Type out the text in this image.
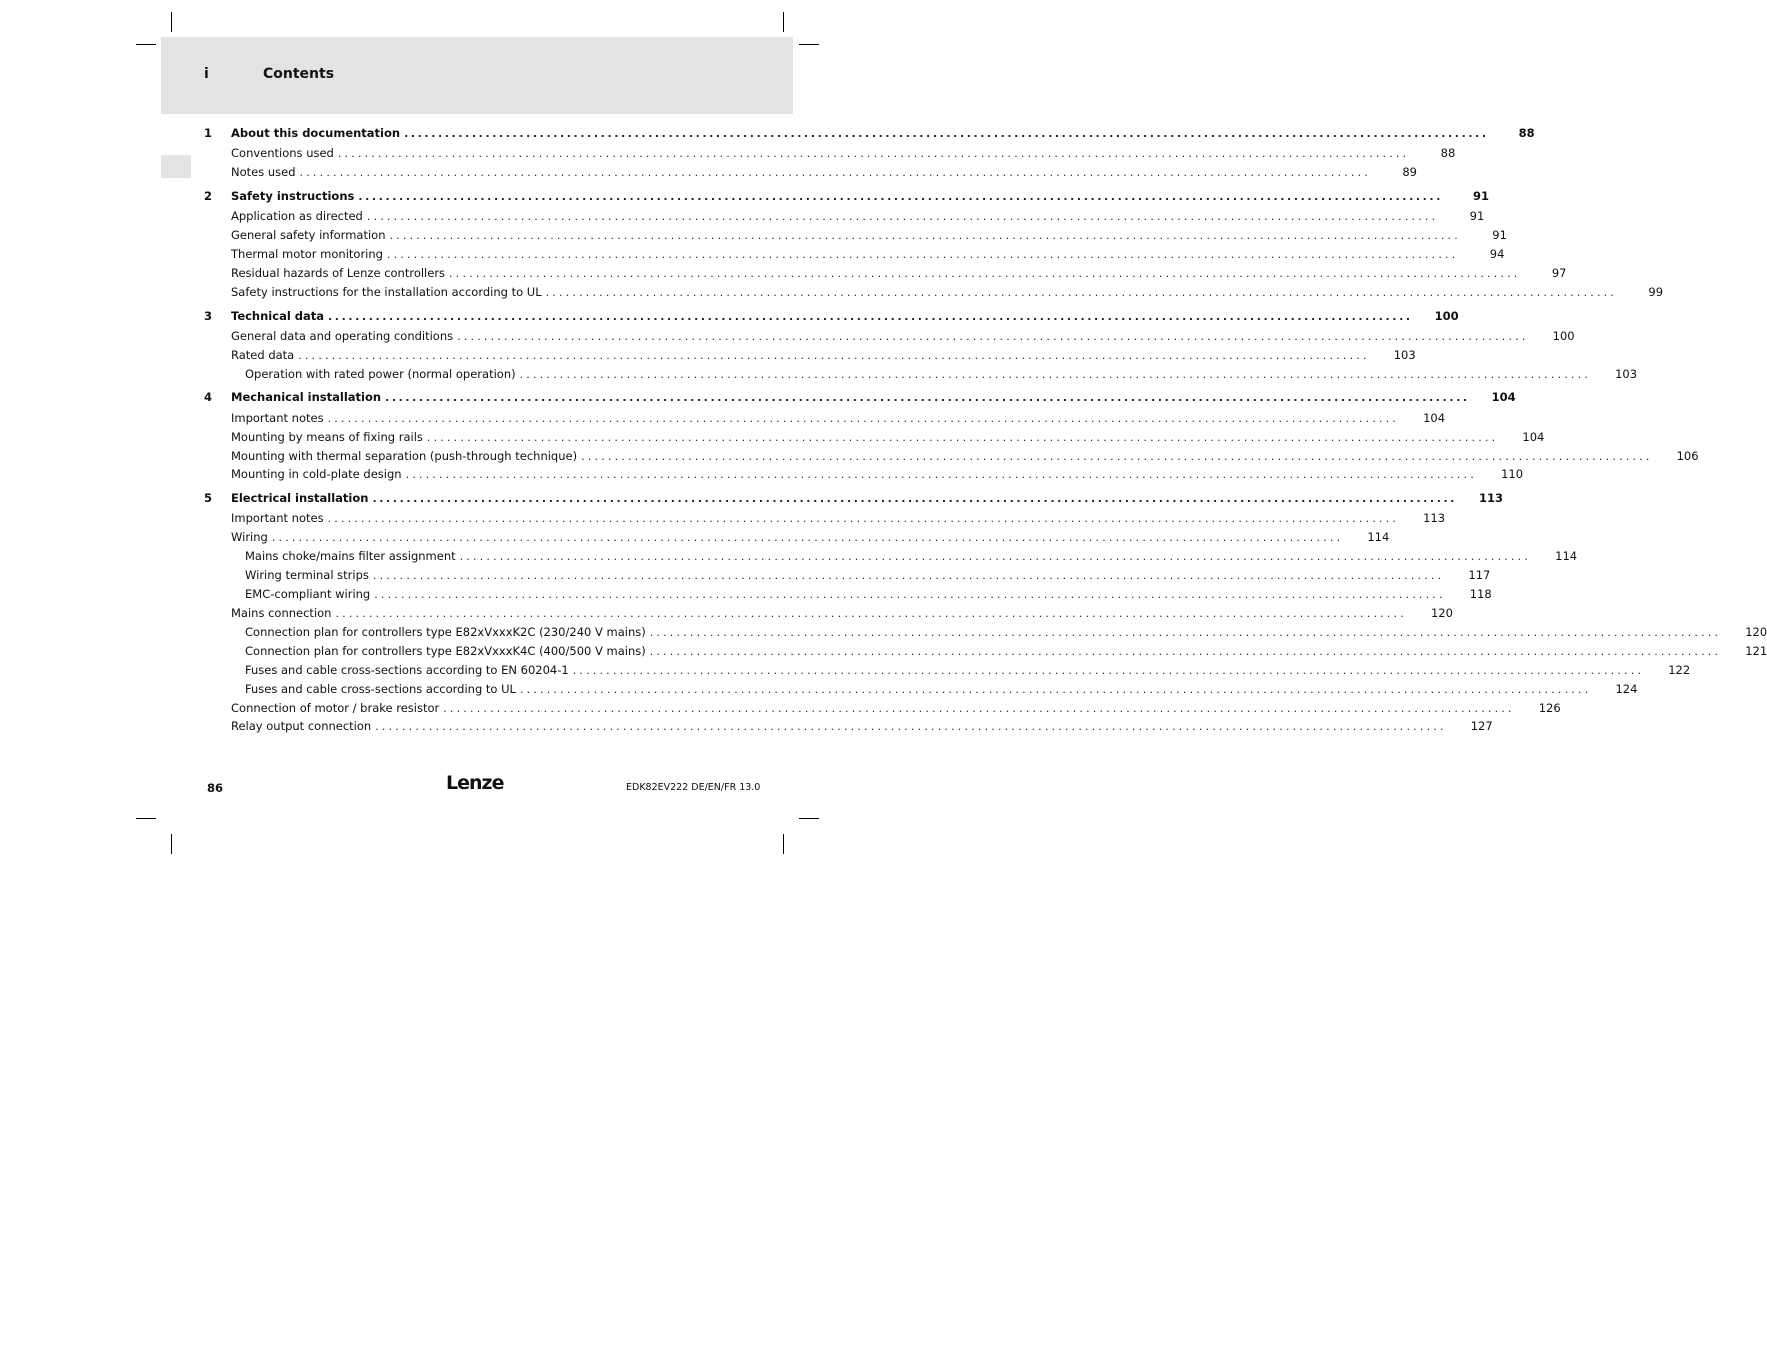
i	Contents
1 About this documentation ................................................................................................................................................................	88
Conventions used ................................................................................................................................................................	88
Notes used ................................................................................................................................................................	89
2 Safety instructions ................................................................................................................................................................	91
Application as directed ................................................................................................................................................................	91
General safety information ................................................................................................................................................................	91
Thermal motor monitoring ................................................................................................................................................................	94
Residual hazards of Lenze controllers ................................................................................................................................................................	97
Safety instructions for the installation according to UL ................................................................................................................................................................	99
3 Technical data ................................................................................................................................................................	100
General data and operating conditions ................................................................................................................................................................	100
Rated data ................................................................................................................................................................	103
Operation with rated power (normal operation) ................................................................................................................................................................	103
4 Mechanical installation ................................................................................................................................................................	104
Important notes ................................................................................................................................................................	104
Mounting by means of fixing rails ................................................................................................................................................................	104
Mounting with thermal separation (push-through technique) ................................................................................................................................................................	106
Mounting in cold-plate design ................................................................................................................................................................	110
5 Electrical installation ................................................................................................................................................................	113
Important notes ................................................................................................................................................................	113
Wiring ................................................................................................................................................................	114
Mains choke/mains filter assignment ................................................................................................................................................................	114
Wiring terminal strips ................................................................................................................................................................	117
EMC-compliant wiring ................................................................................................................................................................	118
Mains connection ................................................................................................................................................................	120
Connection plan for controllers type E82xVxxxK2C (230/240 V mains) ................................................................................................................................................................	120
Connection plan for controllers type E82xVxxxK4C (400/500 V mains) ................................................................................................................................................................	121
Fuses and cable cross-sections according to EN 60204-1 ................................................................................................................................................................	122
Fuses and cable cross-sections according to UL ................................................................................................................................................................	124
Connection of motor / brake resistor ................................................................................................................................................................	126
Relay output connection ................................................................................................................................................................	127
86	Lenze	EDK82EV222 DE/EN/FR 13.0
